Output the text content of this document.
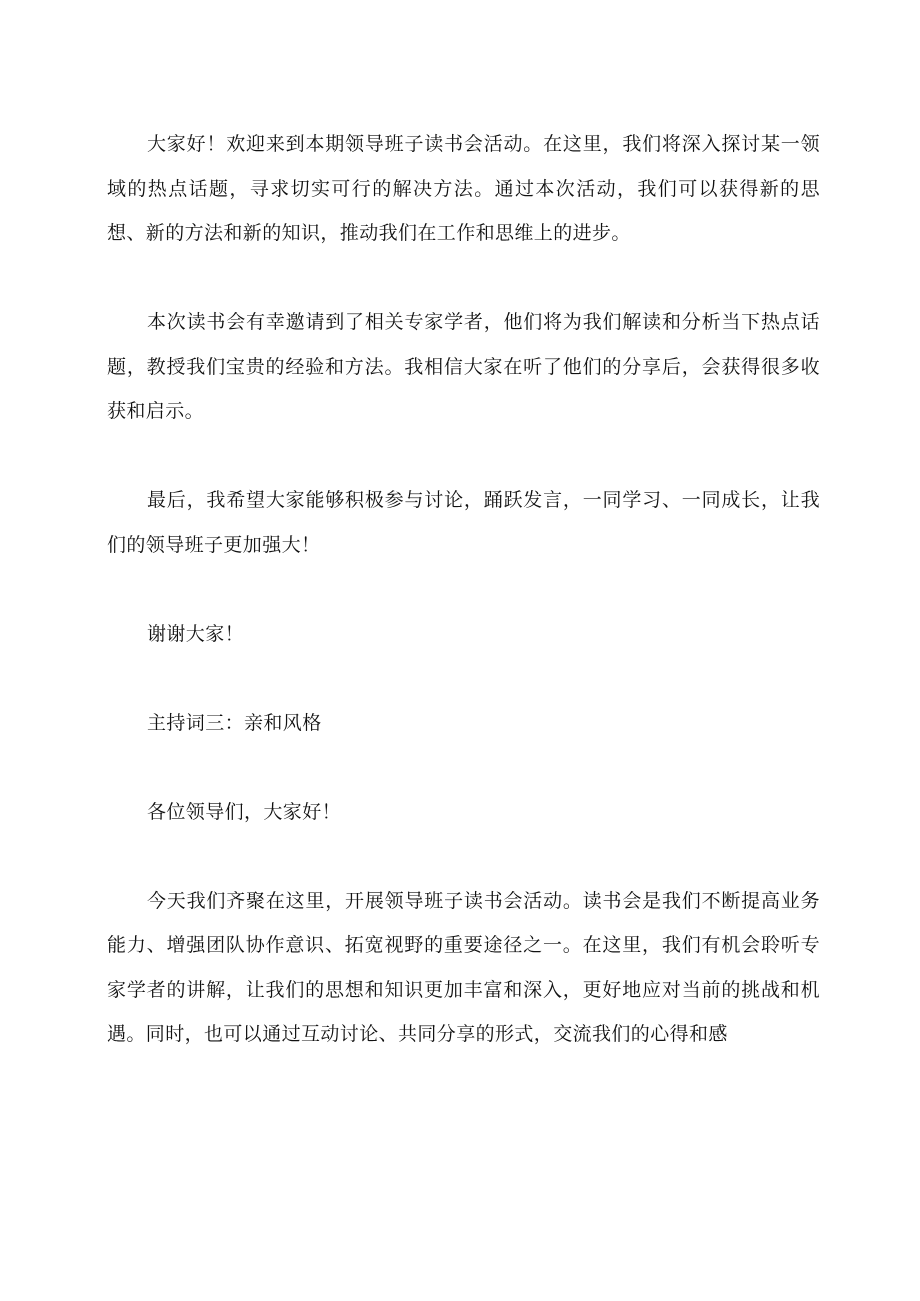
大家好！欢迎来到本期领导班子读书会活动。在这里，我们将深入探讨某一领域的热点话题，寻求切实可行的解决方法。通过本次活动，我们可以获得新的思想、新的方法和新的知识，推动我们在工作和思维上的进步。

本次读书会有幸邀请到了相关专家学者，他们将为我们解读和分析当下热点话题，教授我们宝贵的经验和方法。我相信大家在听了他们的分享后，会获得很多收获和启示。

最后，我希望大家能够积极参与讨论，踊跃发言，一同学习、一同成长，让我们的领导班子更加强大！

谢谢大家！

主持词三：亲和风格

各位领导们，大家好！

今天我们齐聚在这里，开展领导班子读书会活动。读书会是我们不断提高业务能力、增强团队协作意识、拓宽视野的重要途径之一。在这里，我们有机会聆听专家学者的讲解，让我们的思想和知识更加丰富和深入，更好地应对当前的挑战和机遇。同时，也可以通过互动讨论、共同分享的形式，交流我们的心得和感
